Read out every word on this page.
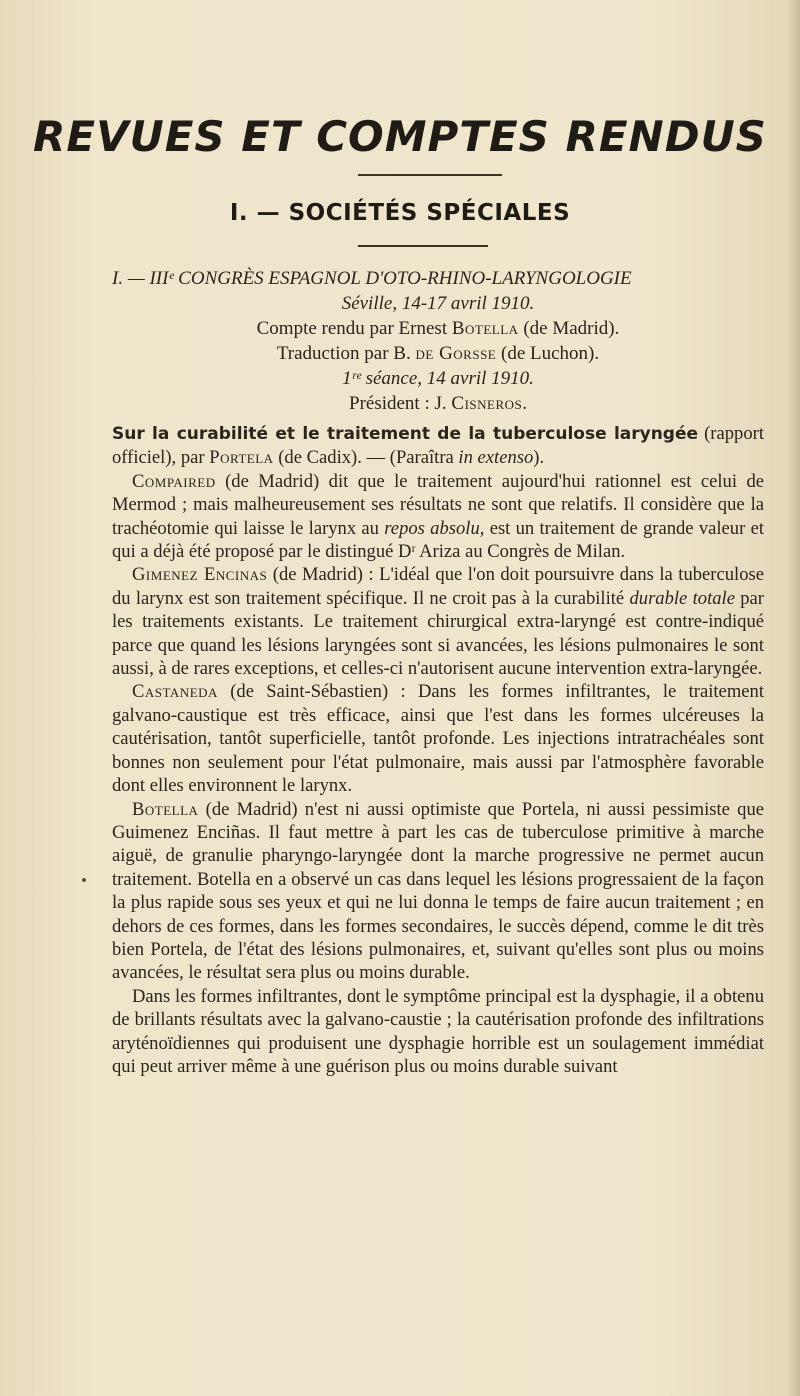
REVUES ET COMPTES RENDUS
I. — SOCIÉTÉS SPÉCIALES

I. — IIIᵉ CONGRÈS ESPAGNOL D'OTO-RHINO-LARYNGOLOGIE

Séville, 14-17 avril 1910.

Compte rendu par Ernest Botella (de Madrid).

Traduction par B. de Gorsse (de Luchon).

1ʳᵉ séance, 14 avril 1910.

Président : J. Cisneros.

Sur la curabilité et le traitement de la tuberculose laryngée (rapport officiel), par Portela (de Cadix). — (Paraîtra in extenso).

Compaired (de Madrid) dit que le traitement aujourd'hui rationnel est celui de Mermod ; mais malheureusement ses résultats ne sont que relatifs. Il considère que la trachéotomie qui laisse le larynx au repos absolu, est un traitement de grande valeur et qui a déjà été proposé par le distingué Dʳ Ariza au Congrès de Milan.

Gimenez Encinas (de Madrid) : L'idéal que l'on doit poursuivre dans la tuberculose du larynx est son traitement spécifique. Il ne croit pas à la curabilité durable totale par les traitements existants. Le traitement chirurgical extra-laryngé est contre-indiqué parce que quand les lésions laryngées sont si avancées, les lésions pulmonaires le sont aussi, à de rares exceptions, et celles-ci n'autorisent aucune intervention extra-laryngée.

Castaneda (de Saint-Sébastien) : Dans les formes infiltrantes, le traitement galvano-caustique est très efficace, ainsi que l'est dans les formes ulcéreuses la cautérisation, tantôt superficielle, tantôt profonde. Les injections intratrachéales sont bonnes non seulement pour l'état pulmonaire, mais aussi par l'atmosphère favorable dont elles environnent le larynx.

Botella (de Madrid) n'est ni aussi optimiste que Portela, ni aussi pessimiste que Guimenez Enciñas. Il faut mettre à part les cas de tuberculose primitive à marche aiguë, de granulie pharyngo-laryngée dont la marche progressive ne permet aucun traitement. Botella en a observé un cas dans lequel les lésions progressaient de la façon la plus rapide sous ses yeux et qui ne lui donna le temps de faire aucun traitement ; en dehors de ces formes, dans les formes secondaires, le succès dépend, comme le dit très bien Portela, de l'état des lésions pulmonaires, et, suivant qu'elles sont plus ou moins avancées, le résultat sera plus ou moins durable.

Dans les formes infiltrantes, dont le symptôme principal est la dysphagie, il a obtenu de brillants résultats avec la galvano-caustie ; la cautérisation profonde des infiltrations aryténoïdiennes qui produisent une dysphagie horrible est un soulagement immédiat qui peut arriver même à une guérison plus ou moins durable suivant
